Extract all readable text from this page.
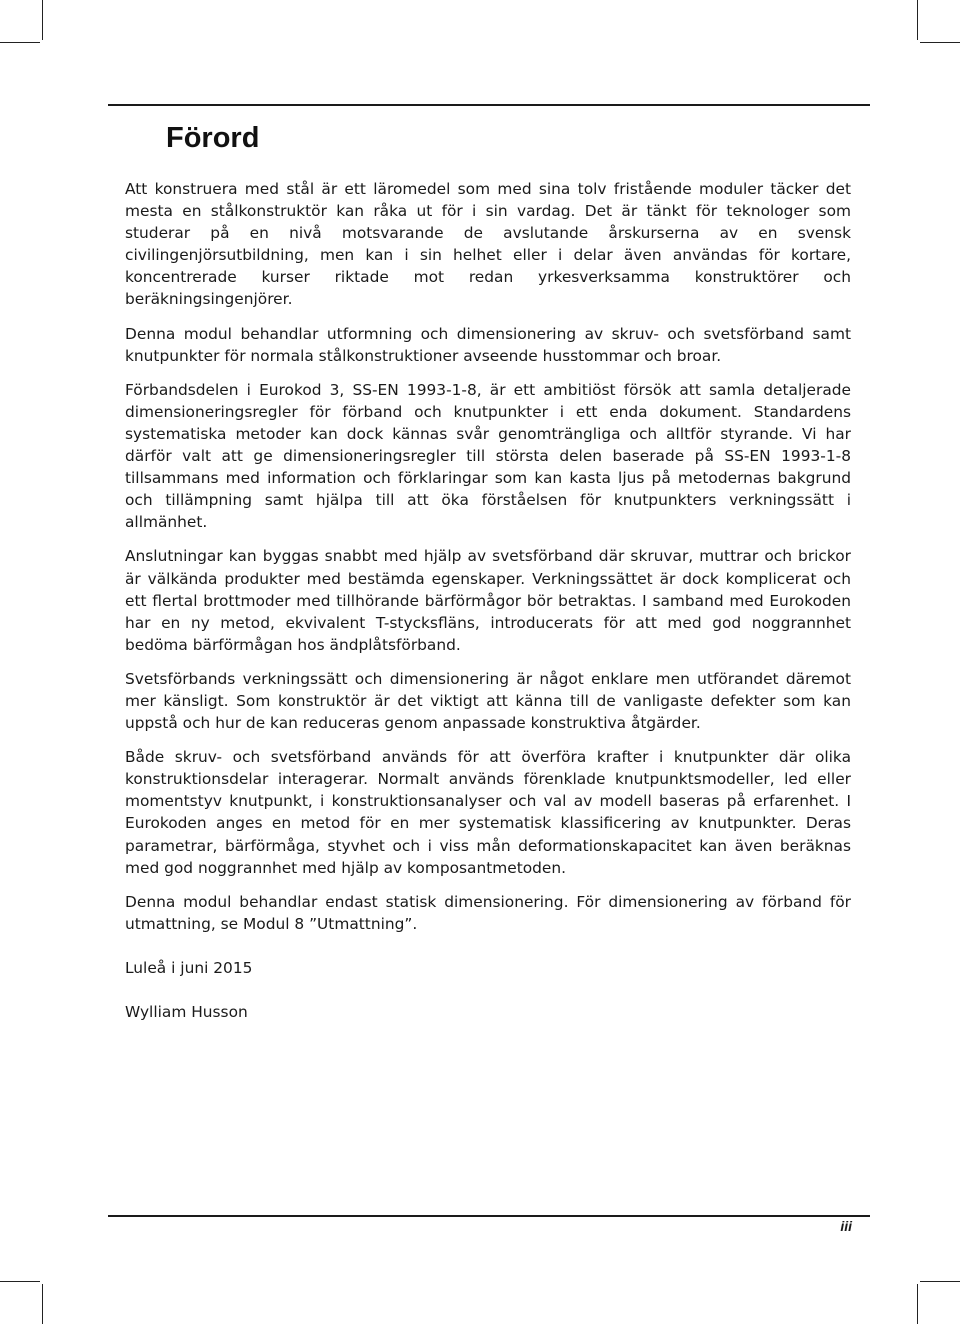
Förord

Att konstruera med stål är ett läromedel som med sina tolv fristående moduler täcker det mesta en stålkonstruktör kan råka ut för i sin vardag. Det är tänkt för teknologer som studerar på en nivå motsvarande de avslutande årskurserna av en svensk civilingenjörsutbildning, men kan i sin helhet eller i delar även användas för kortare, koncentrerade kurser riktade mot redan yrkesverksamma konstruktörer och beräkningsingenjörer.

Denna modul behandlar utformning och dimensionering av skruv- och svetsförband samt knutpunkter för normala stålkonstruktioner avseende husstommar och broar.

Förbandsdelen i Eurokod 3, SS-EN 1993-1-8, är ett ambitiöst försök att samla detaljerade dimensioneringsregler för förband och knutpunkter i ett enda dokument. Standardens systematiska metoder kan dock kännas svår genomträngliga och alltför styrande. Vi har därför valt att ge dimensioneringsregler till största delen baserade på SS-EN 1993-1-8 tillsammans med information och förklaringar som kan kasta ljus på metodernas bakgrund och tillämpning samt hjälpa till att öka förståelsen för knutpunkters verkningssätt i allmänhet.

Anslutningar kan byggas snabbt med hjälp av svetsförband där skruvar, muttrar och brickor är välkända produkter med bestämda egenskaper. Verkningssättet är dock komplicerat och ett flertal brottmoder med tillhörande bärförmågor bör betraktas. I samband med Eurokoden har en ny metod, ekvivalent T-stycksfläns, introducerats för att med god noggrannhet bedöma bärförmågan hos ändplåtsförband.

Svetsförbands verkningssätt och dimensionering är något enklare men utförandet däremot mer känsligt. Som konstruktör är det viktigt att känna till de vanligaste defekter som kan uppstå och hur de kan reduceras genom anpassade konstruktiva åtgärder.

Både skruv- och svetsförband används för att överföra krafter i knutpunkter där olika konstruktionsdelar interagerar. Normalt används förenklade knutpunktsmodeller, led eller momentstyv knutpunkt, i konstruktionsanalyser och val av modell baseras på erfarenhet. I Eurokoden anges en metod för en mer systematisk klassificering av knutpunkter. Deras parametrar, bärförmåga, styvhet och i viss mån deformationskapacitet kan även beräknas med god noggrannhet med hjälp av komposantmetoden.

Denna modul behandlar endast statisk dimensionering. För dimensionering av förband för utmattning, se Modul 8 ”Utmattning”.

Luleå i juni 2015

Wylliam Husson

iii
